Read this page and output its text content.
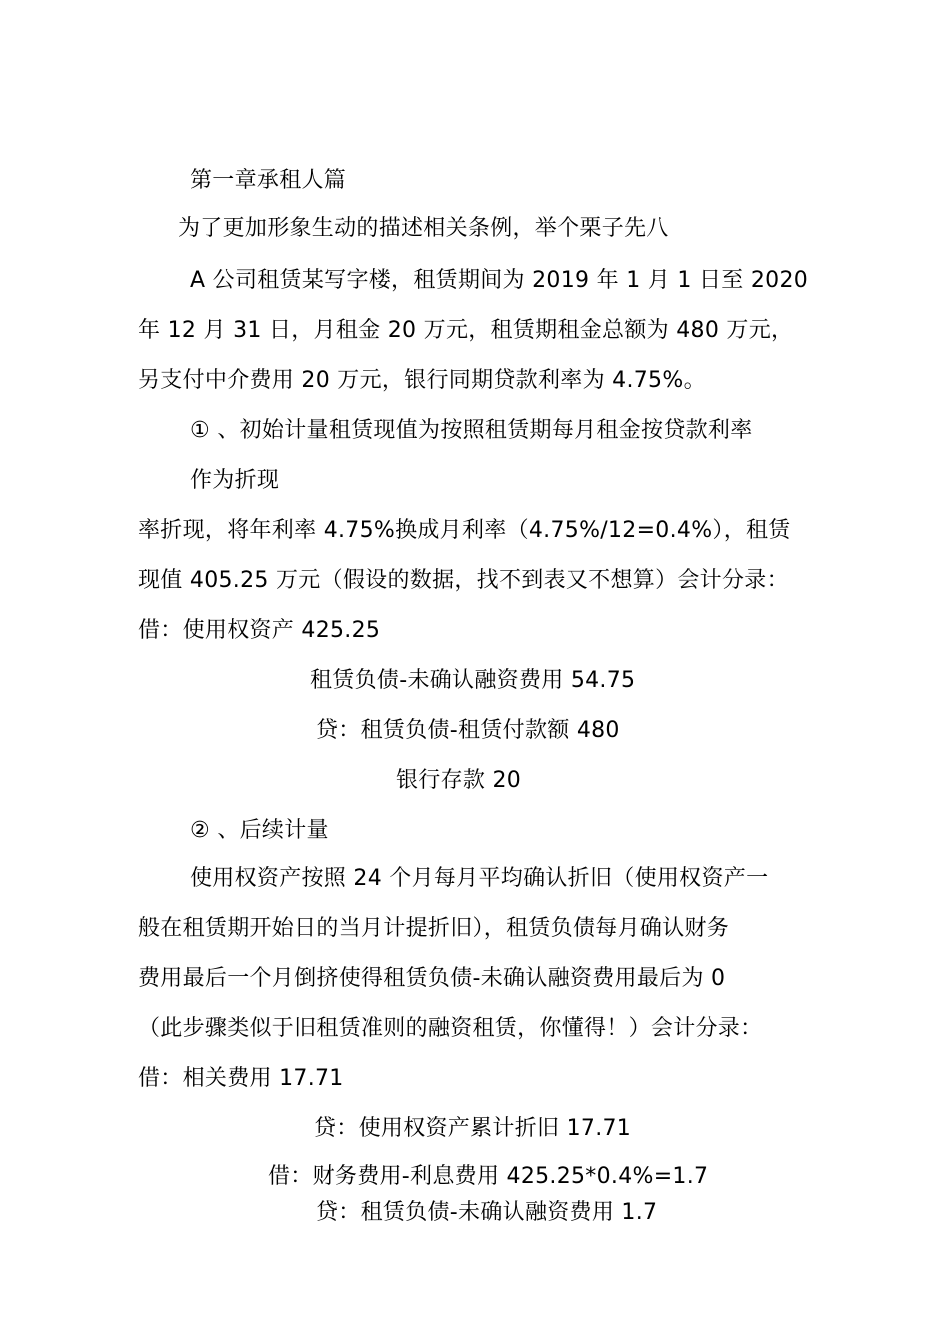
第一章承租人篇

为了更加形象生动的描述相关条例，举个栗子先八

A 公司租赁某写字楼，租赁期间为 2019 年 1 月 1 日至 2020

年 12 月 31 日，月租金 20 万元，租赁期租金总额为 480 万元，

另支付中介费用 20 万元，银行同期贷款利率为 4.75%。

① 、初始计量租赁现值为按照租赁期每月租金按贷款利率

作为折现

率折现，将年利率 4.75%换成月利率（4.75%/12=0.4%），租赁

现值 405.25 万元（假设的数据，找不到表又不想算）会计分录：

借：使用权资产 425.25

租赁负债-未确认融资费用 54.75

贷：租赁负债-租赁付款额 480

银行存款 20

② 、后续计量

使用权资产按照 24 个月每月平均确认折旧（使用权资产一

般在租赁期开始日的当月计提折旧），租赁负债每月确认财务

费用最后一个月倒挤使得租赁负债-未确认融资费用最后为 0

（此步骤类似于旧租赁准则的融资租赁，你懂得！）会计分录：

借：相关费用 17.71

贷：使用权资产累计折旧 17.71

借：财务费用-利息费用 425.25*0.4%=1.7

贷：租赁负债-未确认融资费用 1.7
